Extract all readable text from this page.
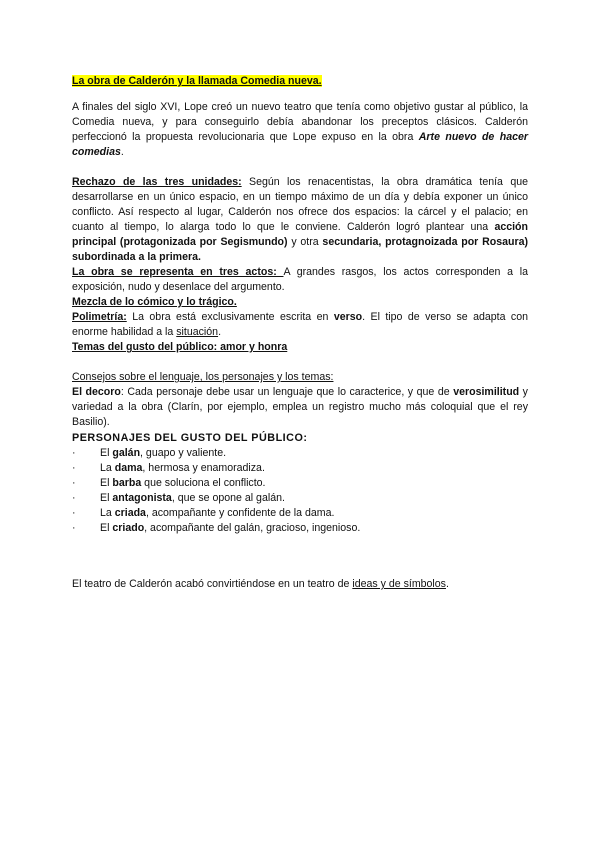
La obra de Calderón y la llamada Comedia nueva.

A finales del siglo XVI, Lope creó un nuevo teatro que tenía como objetivo gustar al público, la Comedia nueva, y para conseguirlo debía abandonar los preceptos clásicos. Calderón perfeccionó la propuesta revolucionaria que Lope expuso en la obra Arte nuevo de hacer comedias.

Rechazo de las tres unidades: Según los renacentistas, la obra dramática tenía que desarrollarse en un único espacio, en un tiempo máximo de un día y debía exponer un único conflicto. Así respecto al lugar, Calderón nos ofrece dos espacios: la cárcel y el palacio; en cuanto al tiempo, lo alarga todo lo que le conviene. Calderón logró plantear una acción principal (protagonizada por Segismundo) y otra secundaria, protagnoizada por Rosaura) subordinada a la primera.

La obra se representa en tres actos: A grandes rasgos, los actos corresponden a la exposición, nudo y desenlace del argumento.

Mezcla de lo cómico y lo trágico.

Polimetría: La obra está exclusivamente escrita en verso. El tipo de verso se adapta con enorme habilidad a la situación.

Temas del gusto del público: amor y honra

Consejos sobre el lenguaje, los personajes y los temas:

El decoro: Cada personaje debe usar un lenguaje que lo caracterice, y que de verosimilitud y variedad a la obra (Clarín, por ejemplo, emplea un registro mucho más coloquial que el rey Basilio).

PERSONAJES DEL GUSTO DEL PÚBLICO:

· El galán, guapo y valiente.
· La dama, hermosa y enamoradiza.
· El barba que soluciona el conflicto.
· El antagonista, que se opone al galán.
· La criada, acompañante y confidente de la dama.
· El criado, acompañante del galán, gracioso, ingenioso.

El teatro de Calderón acabó convirtiéndose en un teatro de ideas y de símbolos.
